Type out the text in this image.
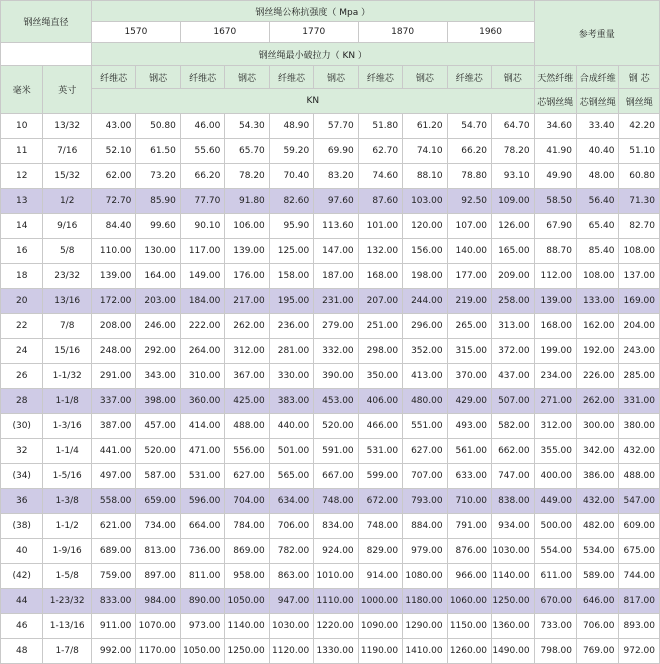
钢丝绳直径		钢丝绳公称抗强度（ Mpa ）										参考重量		
		1570		1670		1770		1870		1960				
		钢丝绳最小破拉力（ KN ）												
毫米	英寸	纤维芯	钢芯	纤维芯	钢芯	纤维芯	钢芯	纤维芯	钢芯	纤维芯	钢芯	天然纤维	合成纤维	钢 芯
		KN										芯钢丝绳	芯钢丝绳	钢丝绳
10	13/32	43.00	50.80	46.00	54.30	48.90	57.70	51.80	61.20	54.70	64.70	34.60	33.40	42.20
11	7/16	52.10	61.50	55.60	65.70	59.20	69.90	62.70	74.10	66.20	78.20	41.90	40.40	51.10
12	15/32	62.00	73.20	66.20	78.20	70.40	83.20	74.60	88.10	78.80	93.10	49.90	48.00	60.80
13	1/2	72.70	85.90	77.70	91.80	82.60	97.60	87.60	103.00	92.50	109.00	58.50	56.40	71.30
14	9/16	84.40	99.60	90.10	106.00	95.90	113.60	101.00	120.00	107.00	126.00	67.90	65.40	82.70
16	5/8	110.00	130.00	117.00	139.00	125.00	147.00	132.00	156.00	140.00	165.00	88.70	85.40	108.00
18	23/32	139.00	164.00	149.00	176.00	158.00	187.00	168.00	198.00	177.00	209.00	112.00	108.00	137.00
20	13/16	172.00	203.00	184.00	217.00	195.00	231.00	207.00	244.00	219.00	258.00	139.00	133.00	169.00
22	7/8	208.00	246.00	222.00	262.00	236.00	279.00	251.00	296.00	265.00	313.00	168.00	162.00	204.00
24	15/16	248.00	292.00	264.00	312.00	281.00	332.00	298.00	352.00	315.00	372.00	199.00	192.00	243.00
26	1-1/32	291.00	343.00	310.00	367.00	330.00	390.00	350.00	413.00	370.00	437.00	234.00	226.00	285.00
28	1-1/8	337.00	398.00	360.00	425.00	383.00	453.00	406.00	480.00	429.00	507.00	271.00	262.00	331.00
(30)	1-3/16	387.00	457.00	414.00	488.00	440.00	520.00	466.00	551.00	493.00	582.00	312.00	300.00	380.00
32	1-1/4	441.00	520.00	471.00	556.00	501.00	591.00	531.00	627.00	561.00	662.00	355.00	342.00	432.00
(34)	1-5/16	497.00	587.00	531.00	627.00	565.00	667.00	599.00	707.00	633.00	747.00	400.00	386.00	488.00
36	1-3/8	558.00	659.00	596.00	704.00	634.00	748.00	672.00	793.00	710.00	838.00	449.00	432.00	547.00
(38)	1-1/2	621.00	734.00	664.00	784.00	706.00	834.00	748.00	884.00	791.00	934.00	500.00	482.00	609.00
40	1-9/16	689.00	813.00	736.00	869.00	782.00	924.00	829.00	979.00	876.00	1030.00	554.00	534.00	675.00
(42)	1-5/8	759.00	897.00	811.00	958.00	863.00	1010.00	914.00	1080.00	966.00	1140.00	611.00	589.00	744.00
44	1-23/32	833.00	984.00	890.00	1050.00	947.00	1110.00	1000.00	1180.00	1060.00	1250.00	670.00	646.00	817.00
46	1-13/16	911.00	1070.00	973.00	1140.00	1030.00	1220.00	1090.00	1290.00	1150.00	1360.00	733.00	706.00	893.00
48	1-7/8	992.00	1170.00	1050.00	1250.00	1120.00	1330.00	1190.00	1410.00	1260.00	1490.00	798.00	769.00	972.00
